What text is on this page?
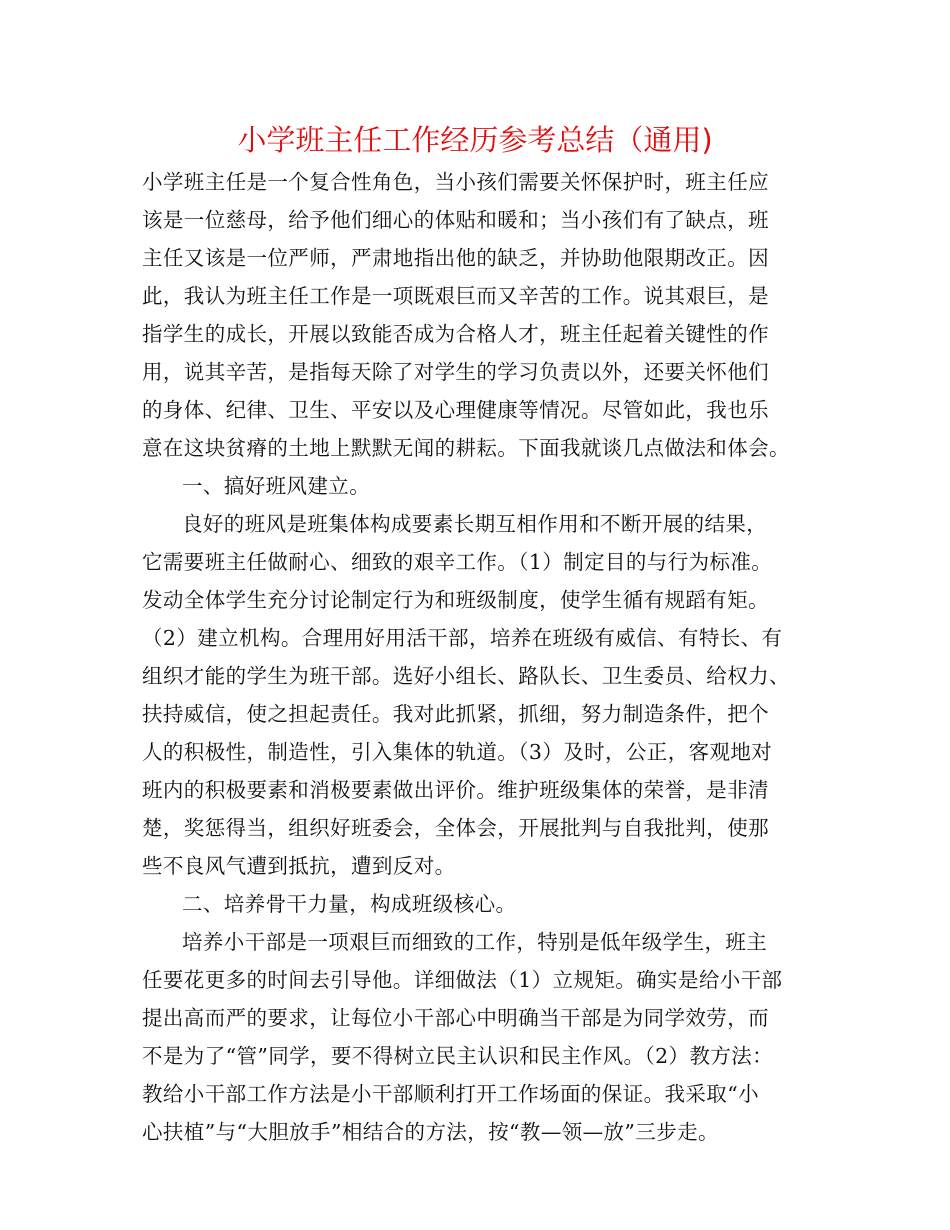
小学班主任工作经历参考总结（通用)
小学班主任是一个复合性角色，当小孩们需要关怀保护时，班主任应
该是一位慈母，给予他们细心的体贴和暖和；当小孩们有了缺点，班
主任又该是一位严师，严肃地指出他的缺乏，并协助他限期改正。因
此，我认为班主任工作是一项既艰巨而又辛苦的工作。说其艰巨，是
指学生的成长，开展以致能否成为合格人才，班主任起着关键性的作
用，说其辛苦，是指每天除了对学生的学习负责以外，还要关怀他们
的身体、纪律、卫生、平安以及心理健康等情况。尽管如此，我也乐
意在这块贫瘠的土地上默默无闻的耕耘。下面我就谈几点做法和体会。
一、搞好班风建立。
良好的班风是班集体构成要素长期互相作用和不断开展的结果，
它需要班主任做耐心、细致的艰辛工作。（1）制定目的与行为标准。
发动全体学生充分讨论制定行为和班级制度，使学生循有规蹈有矩。
（2）建立机构。合理用好用活干部，培养在班级有威信、有特长、有
组织才能的学生为班干部。选好小组长、路队长、卫生委员、给权力、
扶持威信，使之担起责任。我对此抓紧，抓细，努力制造条件，把个
人的积极性，制造性，引入集体的轨道。（3）及时，公正，客观地对
班内的积极要素和消极要素做出评价。维护班级集体的荣誉，是非清
楚，奖惩得当，组织好班委会，全体会，开展批判与自我批判，使那
些不良风气遭到抵抗，遭到反对。
二、培养骨干力量，构成班级核心。
培养小干部是一项艰巨而细致的工作，特别是低年级学生，班主
任要花更多的时间去引导他。详细做法（1）立规矩。确实是给小干部
提出高而严的要求，让每位小干部心中明确当干部是为同学效劳，而
不是为了“管”同学，要不得树立民主认识和民主作风。（2）教方法：
教给小干部工作方法是小干部顺利打开工作场面的保证。我采取“小
心扶植”与“大胆放手”相结合的方法，按“教—领—放”三步走。
